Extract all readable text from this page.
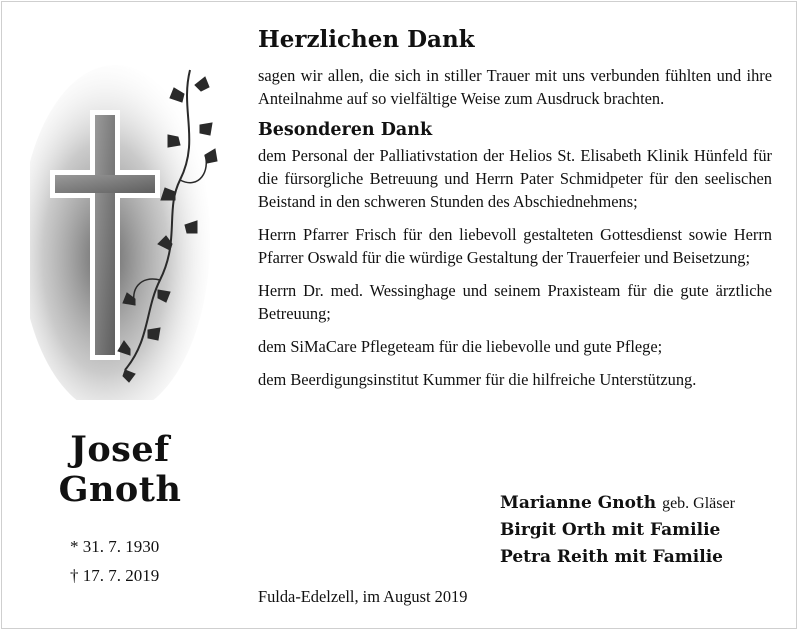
Josef
Gnoth
* 31. 7. 1930
† 17. 7. 2019
Herzlichen Dank

sagen wir allen, die sich in stiller Trauer mit uns verbunden fühlten und ihre Anteilnahme auf so vielfältige Weise zum Ausdruck brachten.

Besonderen Dank

dem Personal der Palliativstation der Helios St. Elisabeth Klinik Hünfeld für die fürsorgliche Betreuung und Herrn Pater Schmidpeter für den seelischen Beistand in den schweren Stunden des Abschiednehmens;

Herrn Pfarrer Frisch für den liebevoll gestalteten Gottesdienst sowie Herrn Pfarrer Oswald für die würdige Gestaltung der Trauerfeier und Beisetzung;

Herrn Dr. med. Wessinghage und seinem Praxisteam für die gute ärztliche Betreuung;

dem SiMaCare Pflegeteam für die liebevolle und gute Pflege;

dem Beerdigungsinstitut Kummer für die hilfreiche Unterstützung.

Marianne Gnoth geb. Gläser
Birgit Orth mit Familie
Petra Reith mit Familie
Fulda-Edelzell, im August 2019
